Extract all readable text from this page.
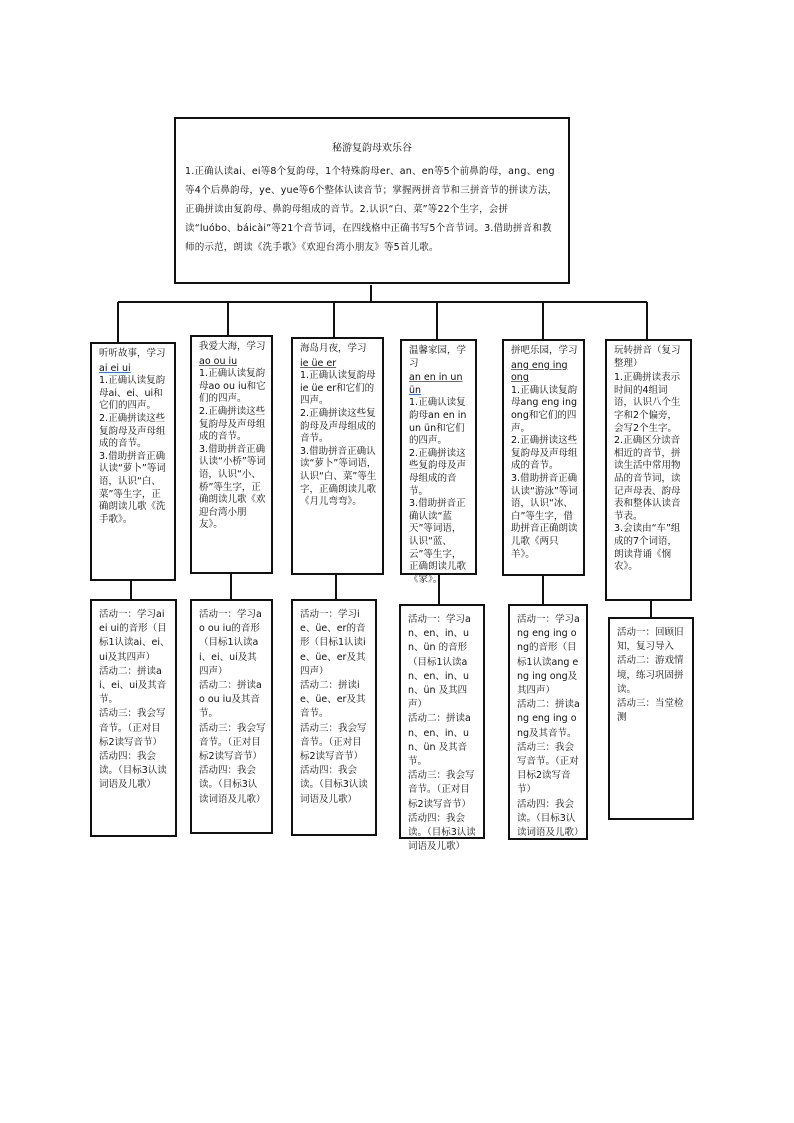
秘游复韵母欢乐谷
1.正确认读ai、ei等8个复韵母，1个特殊韵母er、an、en等5个前鼻韵母，ang、eng等4个后鼻韵母，ye、yue等6个整体认读音节；掌握两拼音节和三拼音节的拼读方法，正确拼读由复韵母、鼻韵母组成的音节。2.认识“白、菜”等22个生字，会拼读“luóbo、báicài”等21个音节词，在四线格中正确书写5个音节词。3.借助拼音和教师的示范，朗读《洗手歌》《欢迎台湾小朋友》等5首儿歌。
听听故事，学习
ai ei ui
1.正确认读复韵母ai、ei、ui和它们的四声。
2.正确拼读这些复韵母及声母组成的音节。
3.借助拼音正确认读“萝卜”等词语，认识“白、菜”等生字，正确朗读儿歌《洗手歌》。
我爱大海，学习
ao ou iu
1.正确认读复韵母ao ou iu和它们的四声。
2.正确拼读这些复韵母及声母组成的音节。
3.借助拼音正确认读“小桥”等词语，认识“小、桥”等生字，正确朗读儿歌《欢迎台湾小朋友》。
海岛月夜，学习
ie üe er
1.正确认读复韵母ie üe er和它们的四声。
2.正确拼读这些复韵母及声母组成的音节。
3.借助拼音正确认读“萝卜”等词语，认识“白、菜”等生字，正确朗读儿歌《月儿弯弯》。
温馨家园，学习
an en in un ün
1.正确认读复韵母an en in un ün和它们的四声。
2.正确拼读这些复韵母及声母组成的音节。
3.借助拼音正确认读“蓝天”等词语，认识“蓝、云”等生字，正确朗读儿歌《家》。
拼吧乐园，学习
ang eng ing ong
1.正确认读复韵母ang eng ing ong和它们的四声。
2.正确拼读这些复韵母及声母组成的音节。
3.借助拼音正确认读“游泳”等词语，认识“冰、白”等生字，借助拼音正确朗读儿歌《两只羊》。
玩转拼音（复习整理）
1.正确拼读表示时间的4组词语，认识八个生字和2个偏旁，会写2个生字。
2.正确区分读音相近的音节，拼读生活中常用物品的音节词，读记声母表、韵母表和整体认读音节表。
3.会读由“车”组成的7个词语，朗读背诵《悯农》。
活动一：学习ai ei ui的音形（目标1认读ai、ei、ui及其四声）
活动二：拼读ai、ei、ui及其音节。
活动三：我会写音节。（正对目标2读写音节）
活动四：我会读。（目标3认读词语及儿歌）
活动一：学习ao ou iu的音形（目标1认读ai、ei、ui及其四声）
活动二：拼读ao ou iu及其音节。
活动三：我会写音节。（正对目标2读写音节）
活动四：我会读。（目标3认读词语及儿歌）
活动一：学习ie、üe、er的音形（目标1认读ie、üe、er及其四声）
活动二：拼读ie、üe、er及其音节。
活动三：我会写音节。（正对目标2读写音节）
活动四：我会读。（目标3认读词语及儿歌）
活动一：学习an、en、in、un、ün 的音形（目标1认读an、en、in、un、ün 及其四声）
活动二：拼读an、en、in、un、ün 及其音节。
活动三：我会写音节。（正对目标2读写音节）
活动四：我会读。（目标3认读词语及儿歌）
活动一：学习ang eng ing ong的音形（目标1认读ang eng ing ong及其四声）
活动二：拼读ang eng ing ong及其音节。
活动三：我会写音节。（正对目标2读写音节）
活动四：我会读。（目标3认读词语及儿歌）
活动一：回顾旧知，复习导入
活动二：游戏情境，练习巩固拼读。
活动三：当堂检测
